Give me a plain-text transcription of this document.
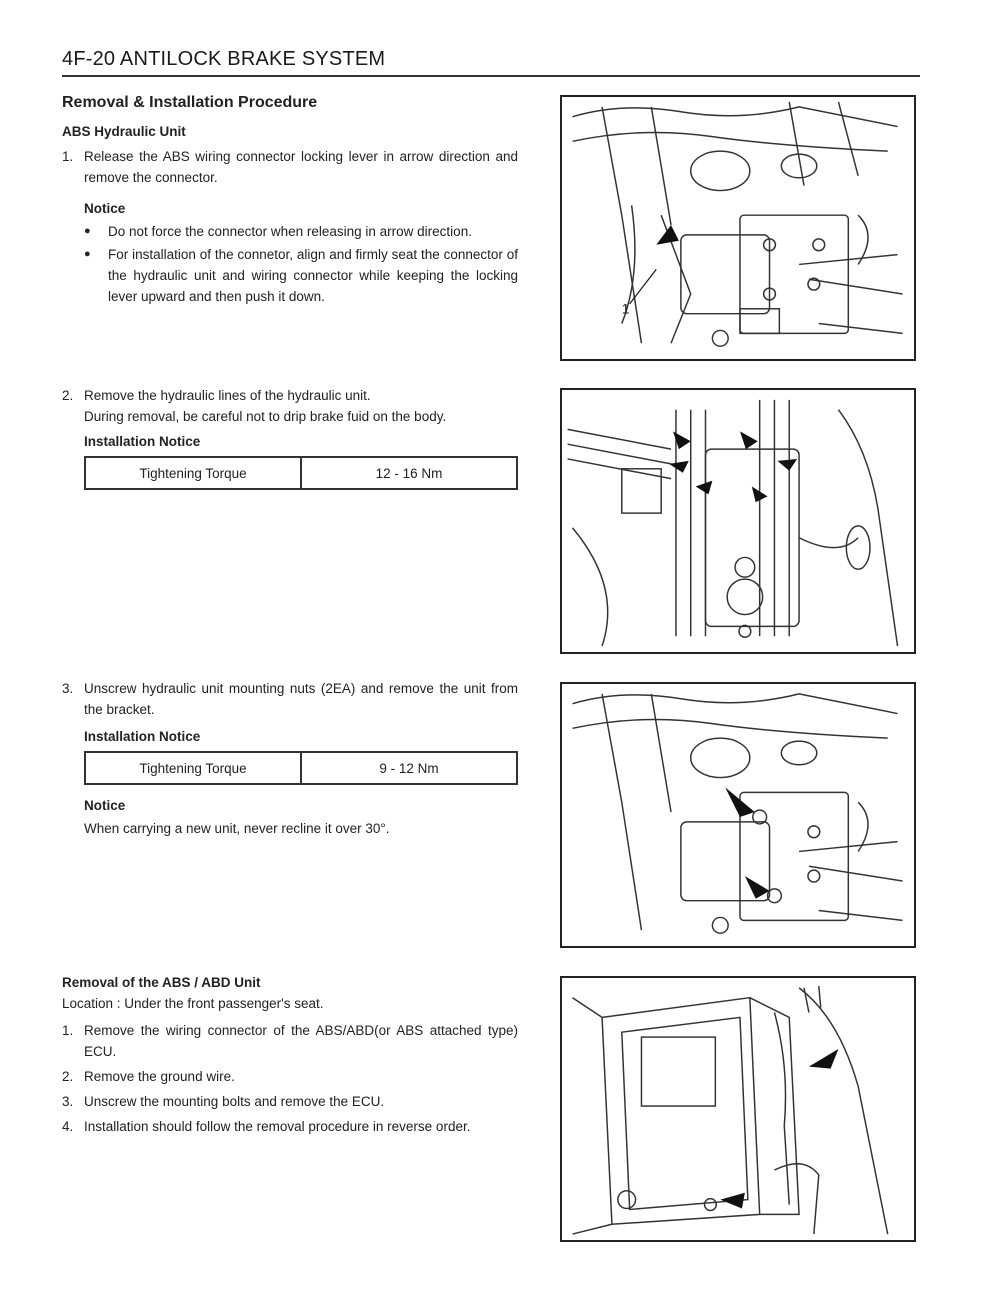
4F-20 ANTILOCK BRAKE SYSTEM
Removal & Installation Procedure
ABS Hydraulic Unit
1. Release the ABS wiring connector locking lever in arrow direction and remove the connector.
Notice
●	Do not force the connector when releasing in arrow direction.
●	For installation of the connetor, align and firmly seat the connector of the hydraulic unit and wiring connector while keeping the locking lever upward and then push it down.
2. Remove the hydraulic lines of the hydraulic unit.
During removal, be careful not to drip brake fuid on the body.
Installation Notice
Tightening Torque	12 - 16 Nm
3. Unscrew hydraulic unit mounting nuts (2EA) and remove the unit from the bracket.
Installation Notice
Tightening Torque	9 - 12 Nm
Notice
When carrying a new unit, never recline it over 30°.
Removal of the ABS / ABD Unit
Location : Under the front passenger's seat.
1. Remove the wiring connector of the ABS/ABD(or ABS attached type) ECU.
2. Remove the ground wire.
3. Unscrew the mounting bolts and remove the ECU.
4. Installation should follow the removal procedure in reverse order.
1
